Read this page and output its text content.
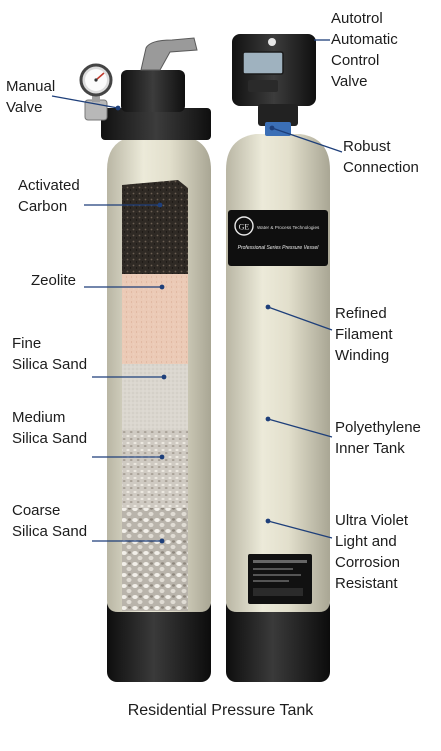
GE Water & Process Technologies
Professional Series Pressure Vessel
Manual
Valve
Activated
Carbon
Zeolite
Fine
Silica Sand
Medium
Silica Sand
Coarse
Silica Sand
Autotrol
Automatic
Control
Valve
Robust
Connection
Refined
Filament
Winding
Polyethylene
Inner Tank
Ultra Violet
Light and
Corrosion
Resistant
Residential Pressure Tank
